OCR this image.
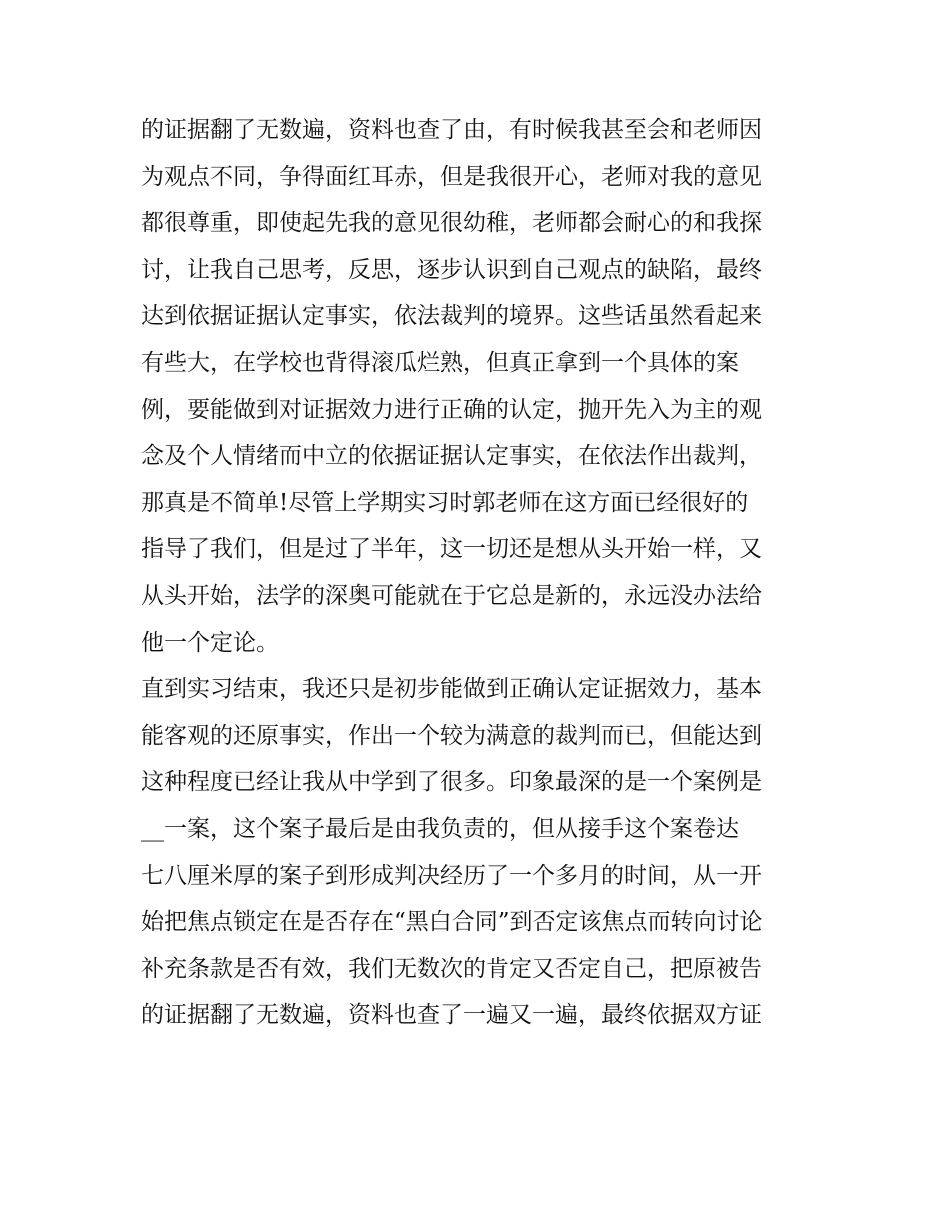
的证据翻了无数遍，资料也查了由，有时候我甚至会和老师因
为观点不同，争得面红耳赤，但是我很开心，老师对我的意见
都很尊重，即使起先我的意见很幼稚，老师都会耐心的和我探
讨，让我自己思考，反思，逐步认识到自己观点的缺陷，最终
达到依据证据认定事实，依法裁判的境界。这些话虽然看起来
有些大，在学校也背得滚瓜烂熟，但真正拿到一个具体的案
例，要能做到对证据效力进行正确的认定，抛开先入为主的观
念及个人情绪而中立的依据证据认定事实，在依法作出裁判，
那真是不简单!尽管上学期实习时郭老师在这方面已经很好的
指导了我们，但是过了半年，这一切还是想从头开始一样，又
从头开始，法学的深奥可能就在于它总是新的，永远没办法给
他一个定论。
直到实习结束，我还只是初步能做到正确认定证据效力，基本
能客观的还原事实，作出一个较为满意的裁判而已，但能达到
这种程度已经让我从中学到了很多。印象最深的是一个案例是
__一案，这个案子最后是由我负责的，但从接手这个案卷达
七八厘米厚的案子到形成判决经历了一个多月的时间，从一开
始把焦点锁定在是否存在“黑白合同”到否定该焦点而转向讨论
补充条款是否有效，我们无数次的肯定又否定自己，把原被告
的证据翻了无数遍，资料也查了一遍又一遍，最终依据双方证
